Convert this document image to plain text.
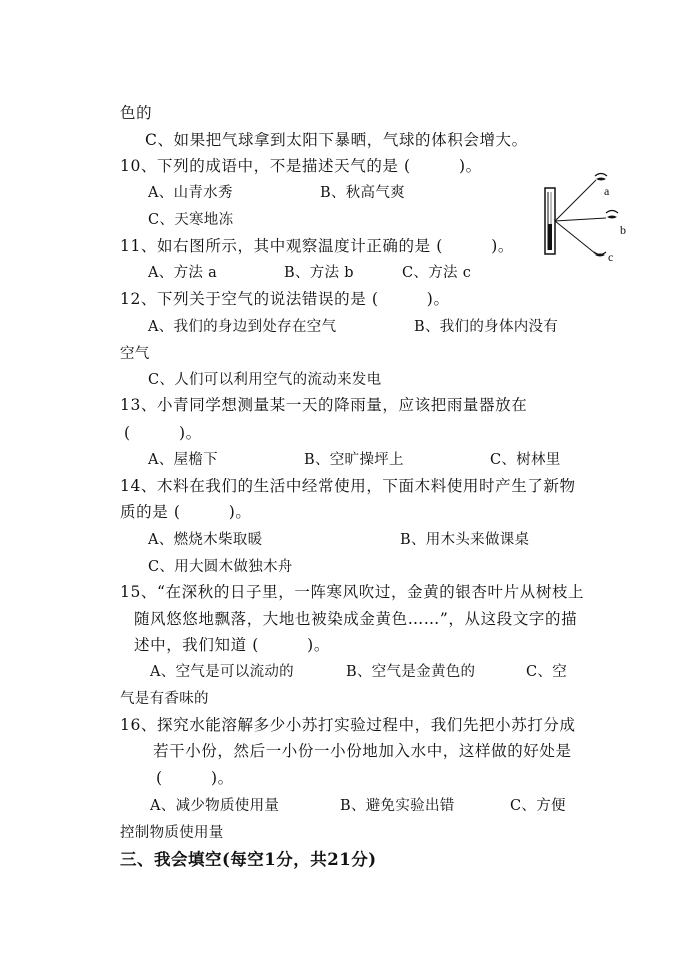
色的
C、如果把气球拿到太阳下暴晒，气球的体积会增大。
10、下列的成语中，不是描述天气的是 (　　　)。
A、山青水秀	B、秋高气爽
C、天寒地冻
11、如右图所示，其中观察温度计正确的是 (　　　)。
A、方法 a	B、方法 b	C、方法 c
a
b
c
12、下列关于空气的说法错误的是 (　　　)。
A、我们的身边到处存在空气	B、我们的身体内没有
空气
C、人们可以利用空气的流动来发电
13、小青同学想测量某一天的降雨量，应该把雨量器放在
(　　　)。
A、屋檐下	B、空旷操坪上	C、树林里
14、木料在我们的生活中经常使用，下面木料使用时产生了新物
质的是 (　　　)。
A、燃烧木柴取暖	B、用木头来做课桌
C、用大圆木做独木舟
15、“在深秋的日子里，一阵寒风吹过，金黄的银杏叶片从树枝上
随风悠悠地飘落，大地也被染成金黄色……”，从这段文字的描
述中，我们知道 (　　　)。
A、空气是可以流动的	B、空气是金黄色的	C、空
气是有香味的
16、探究水能溶解多少小苏打实验过程中，我们先把小苏打分成
若干小份，然后一小份一小份地加入水中，这样做的好处是
(　　　)。
A、减少物质使用量	B、避免实验出错	C、方便
控制物质使用量
三、我会填空(每空1分，共21分)
